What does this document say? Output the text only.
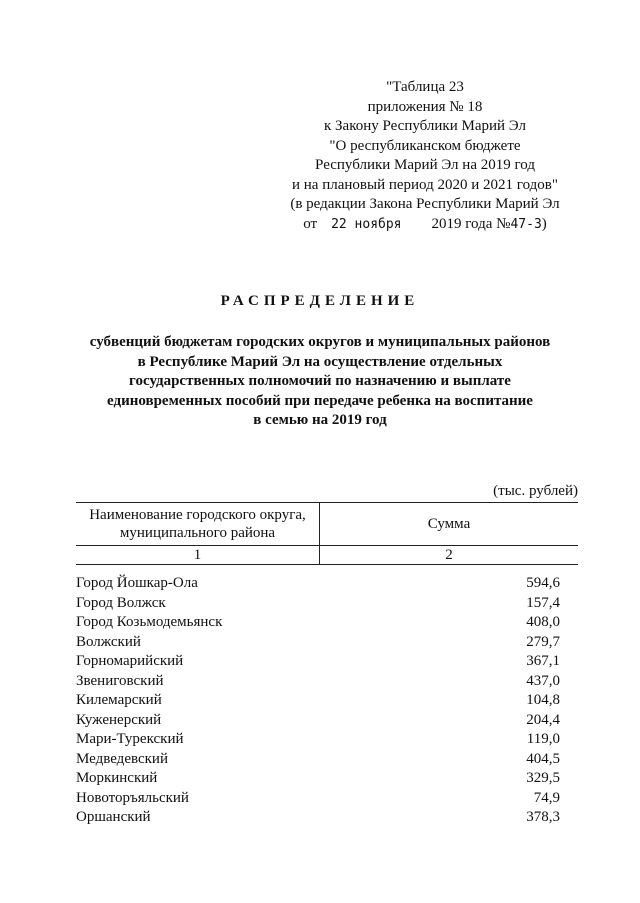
"Таблица 23
приложения № 18
к Закону Республики Марий Эл
"О республиканском бюджете
Республики Марий Эл на 2019 год
и на плановый период 2020 и 2021 годов"
(в редакции Закона Республики Марий Эл
от 22 ноября 2019 года №47-З)
РАСПРЕДЕЛЕНИЕ
субвенций бюджетам городских округов и муниципальных районов
в Республике Марий Эл на осуществление отдельных
государственных полномочий по назначению и выплате
единовременных пособий при передаче ребенка на воспитание
в семью на 2019 год
(тыс. рублей)
Наименование городского округа,
муниципального района	Сумма
1	2
Город Йошкар-Ола	594,6
Город Волжск	157,4
Город Козьмодемьянск	408,0
Волжский	279,7
Горномарийский	367,1
Звениговский	437,0
Килемарский	104,8
Куженерский	204,4
Мари-Турекский	119,0
Медведевский	404,5
Моркинский	329,5
Новоторъяльский	74,9
Оршанский	378,3
